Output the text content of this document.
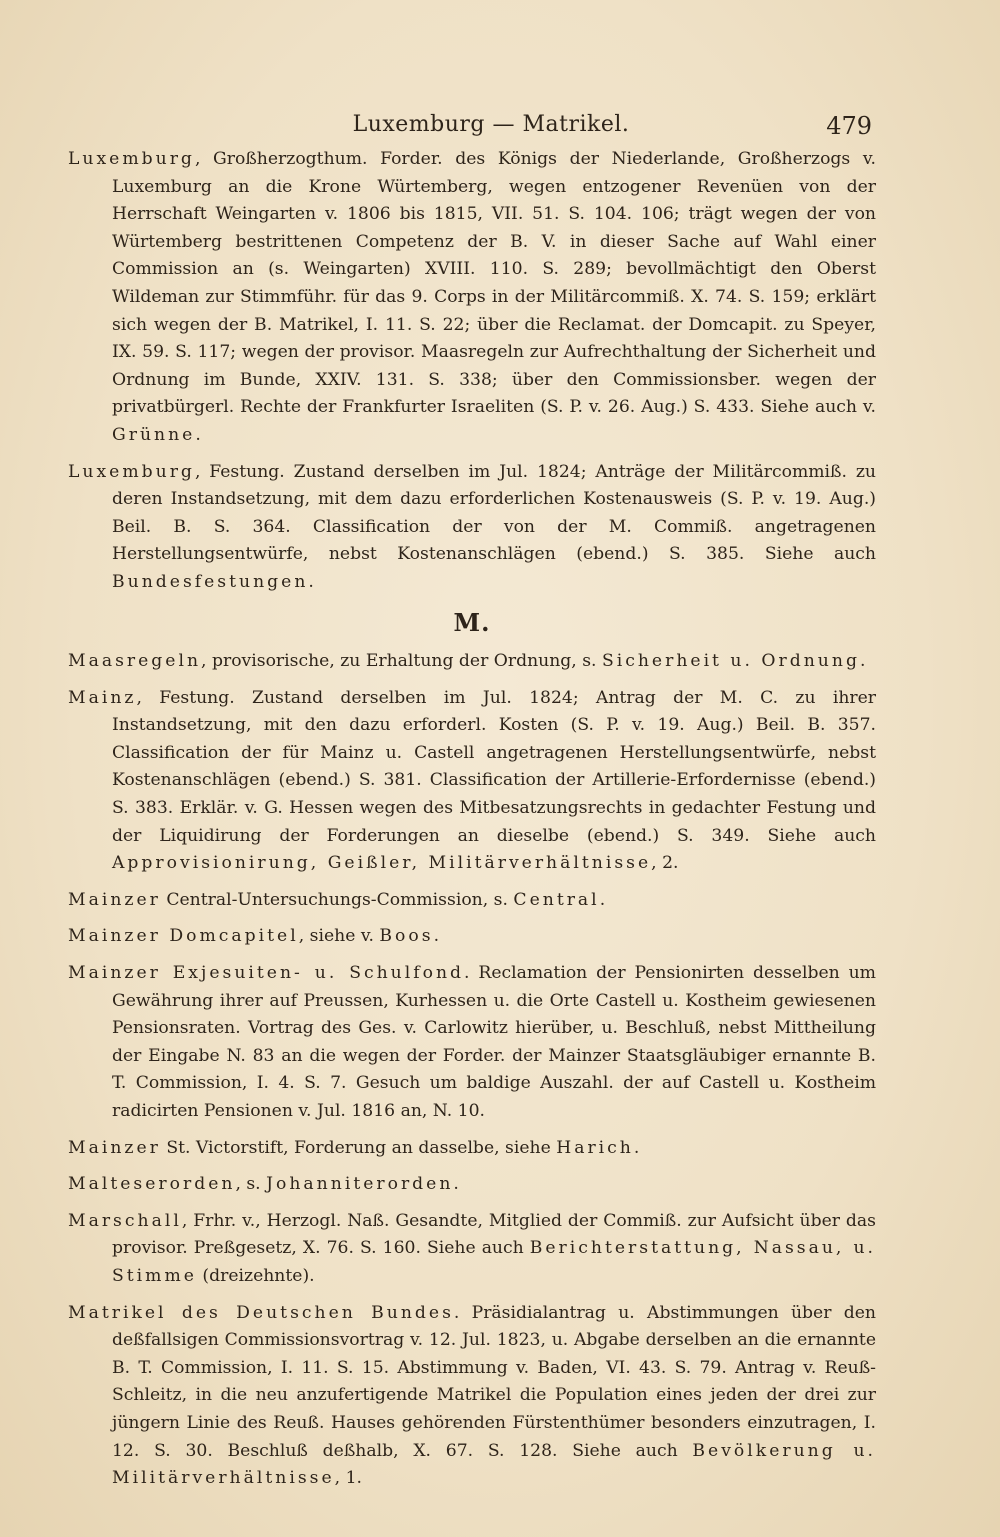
Luxemburg — Matrikel.	479

Luxemburg, Großherzogthum. Forder. des Königs der Niederlande, Großherzogs v. Luxemburg an die Krone Würtemberg, wegen entzogener Revenüen von der Herrschaft Weingarten v. 1806 bis 1815, VII. 51. S. 104. 106; trägt wegen der von Würtemberg bestrittenen Competenz der B. V. in dieser Sache auf Wahl einer Commission an (s. Weingarten) XVIII. 110. S. 289; bevollmächtigt den Oberst Wildeman zur Stimmführ. für das 9. Corps in der Militärcommiß. X. 74. S. 159; erklärt sich wegen der B. Matrikel, I. 11. S. 22; über die Reclamat. der Domcapit. zu Speyer, IX. 59. S. 117; wegen der provisor. Maasregeln zur Aufrechthaltung der Sicherheit und Ordnung im Bunde, XXIV. 131. S. 338; über den Commissionsber. wegen der privatbürgerl. Rechte der Frankfurter Israeliten (S. P. v. 26. Aug.) S. 433. Siehe auch v. Grünne.

Luxemburg, Festung. Zustand derselben im Jul. 1824; Anträge der Militärcommiß. zu deren Instandsetzung, mit dem dazu erforderlichen Kostenausweis (S. P. v. 19. Aug.) Beil. B. S. 364. Classification der von der M. Commiß. angetragenen Herstellungsentwürfe, nebst Kostenanschlägen (ebend.) S. 385. Siehe auch Bundesfestungen.

M.

Maasregeln, provisorische, zu Erhaltung der Ordnung, s. Sicherheit u. Ordnung.

Mainz, Festung. Zustand derselben im Jul. 1824; Antrag der M. C. zu ihrer Instandsetzung, mit den dazu erforderl. Kosten (S. P. v. 19. Aug.) Beil. B. 357. Classification der für Mainz u. Castell angetragenen Herstellungsentwürfe, nebst Kostenanschlägen (ebend.) S. 381. Classification der Artillerie-Erfordernisse (ebend.) S. 383. Erklär. v. G. Hessen wegen des Mitbesatzungsrechts in gedachter Festung und der Liquidirung der Forderungen an dieselbe (ebend.) S. 349. Siehe auch Approvisionirung, Geißler, Militärverhältnisse, 2.

Mainzer Central-Untersuchungs-Commission, s. Central.

Mainzer Domcapitel, siehe v. Boos.

Mainzer Exjesuiten- u. Schulfond. Reclamation der Pensionirten desselben um Gewährung ihrer auf Preussen, Kurhessen u. die Orte Castell u. Kostheim gewiesenen Pensionsraten. Vortrag des Ges. v. Carlowitz hierüber, u. Beschluß, nebst Mittheilung der Eingabe N. 83 an die wegen der Forder. der Mainzer Staatsgläubiger ernannte B. T. Commission, I. 4. S. 7. Gesuch um baldige Auszahl. der auf Castell u. Kostheim radicirten Pensionen v. Jul. 1816 an, N. 10.

Mainzer St. Victorstift, Forderung an dasselbe, siehe Harich.

Malteserorden, s. Johanniterorden.

Marschall, Frhr. v., Herzogl. Naß. Gesandte, Mitglied der Commiß. zur Aufsicht über das provisor. Preßgesetz, X. 76. S. 160. Siehe auch Berichterstattung, Nassau, u. Stimme (dreizehnte).

Matrikel des Deutschen Bundes. Präsidialantrag u. Abstimmungen über den deßfallsigen Commissionsvortrag v. 12. Jul. 1823, u. Abgabe derselben an die ernannte B. T. Commission, I. 11. S. 15. Abstimmung v. Baden, VI. 43. S. 79. Antrag v. Reuß-Schleitz, in die neu anzufertigende Matrikel die Population eines jeden der drei zur jüngern Linie des Reuß. Hauses gehörenden Fürstenthümer besonders einzutragen, I. 12. S. 30. Beschluß deßhalb, X. 67. S. 128. Siehe auch Bevölkerung u. Militärverhältnisse, 1.
